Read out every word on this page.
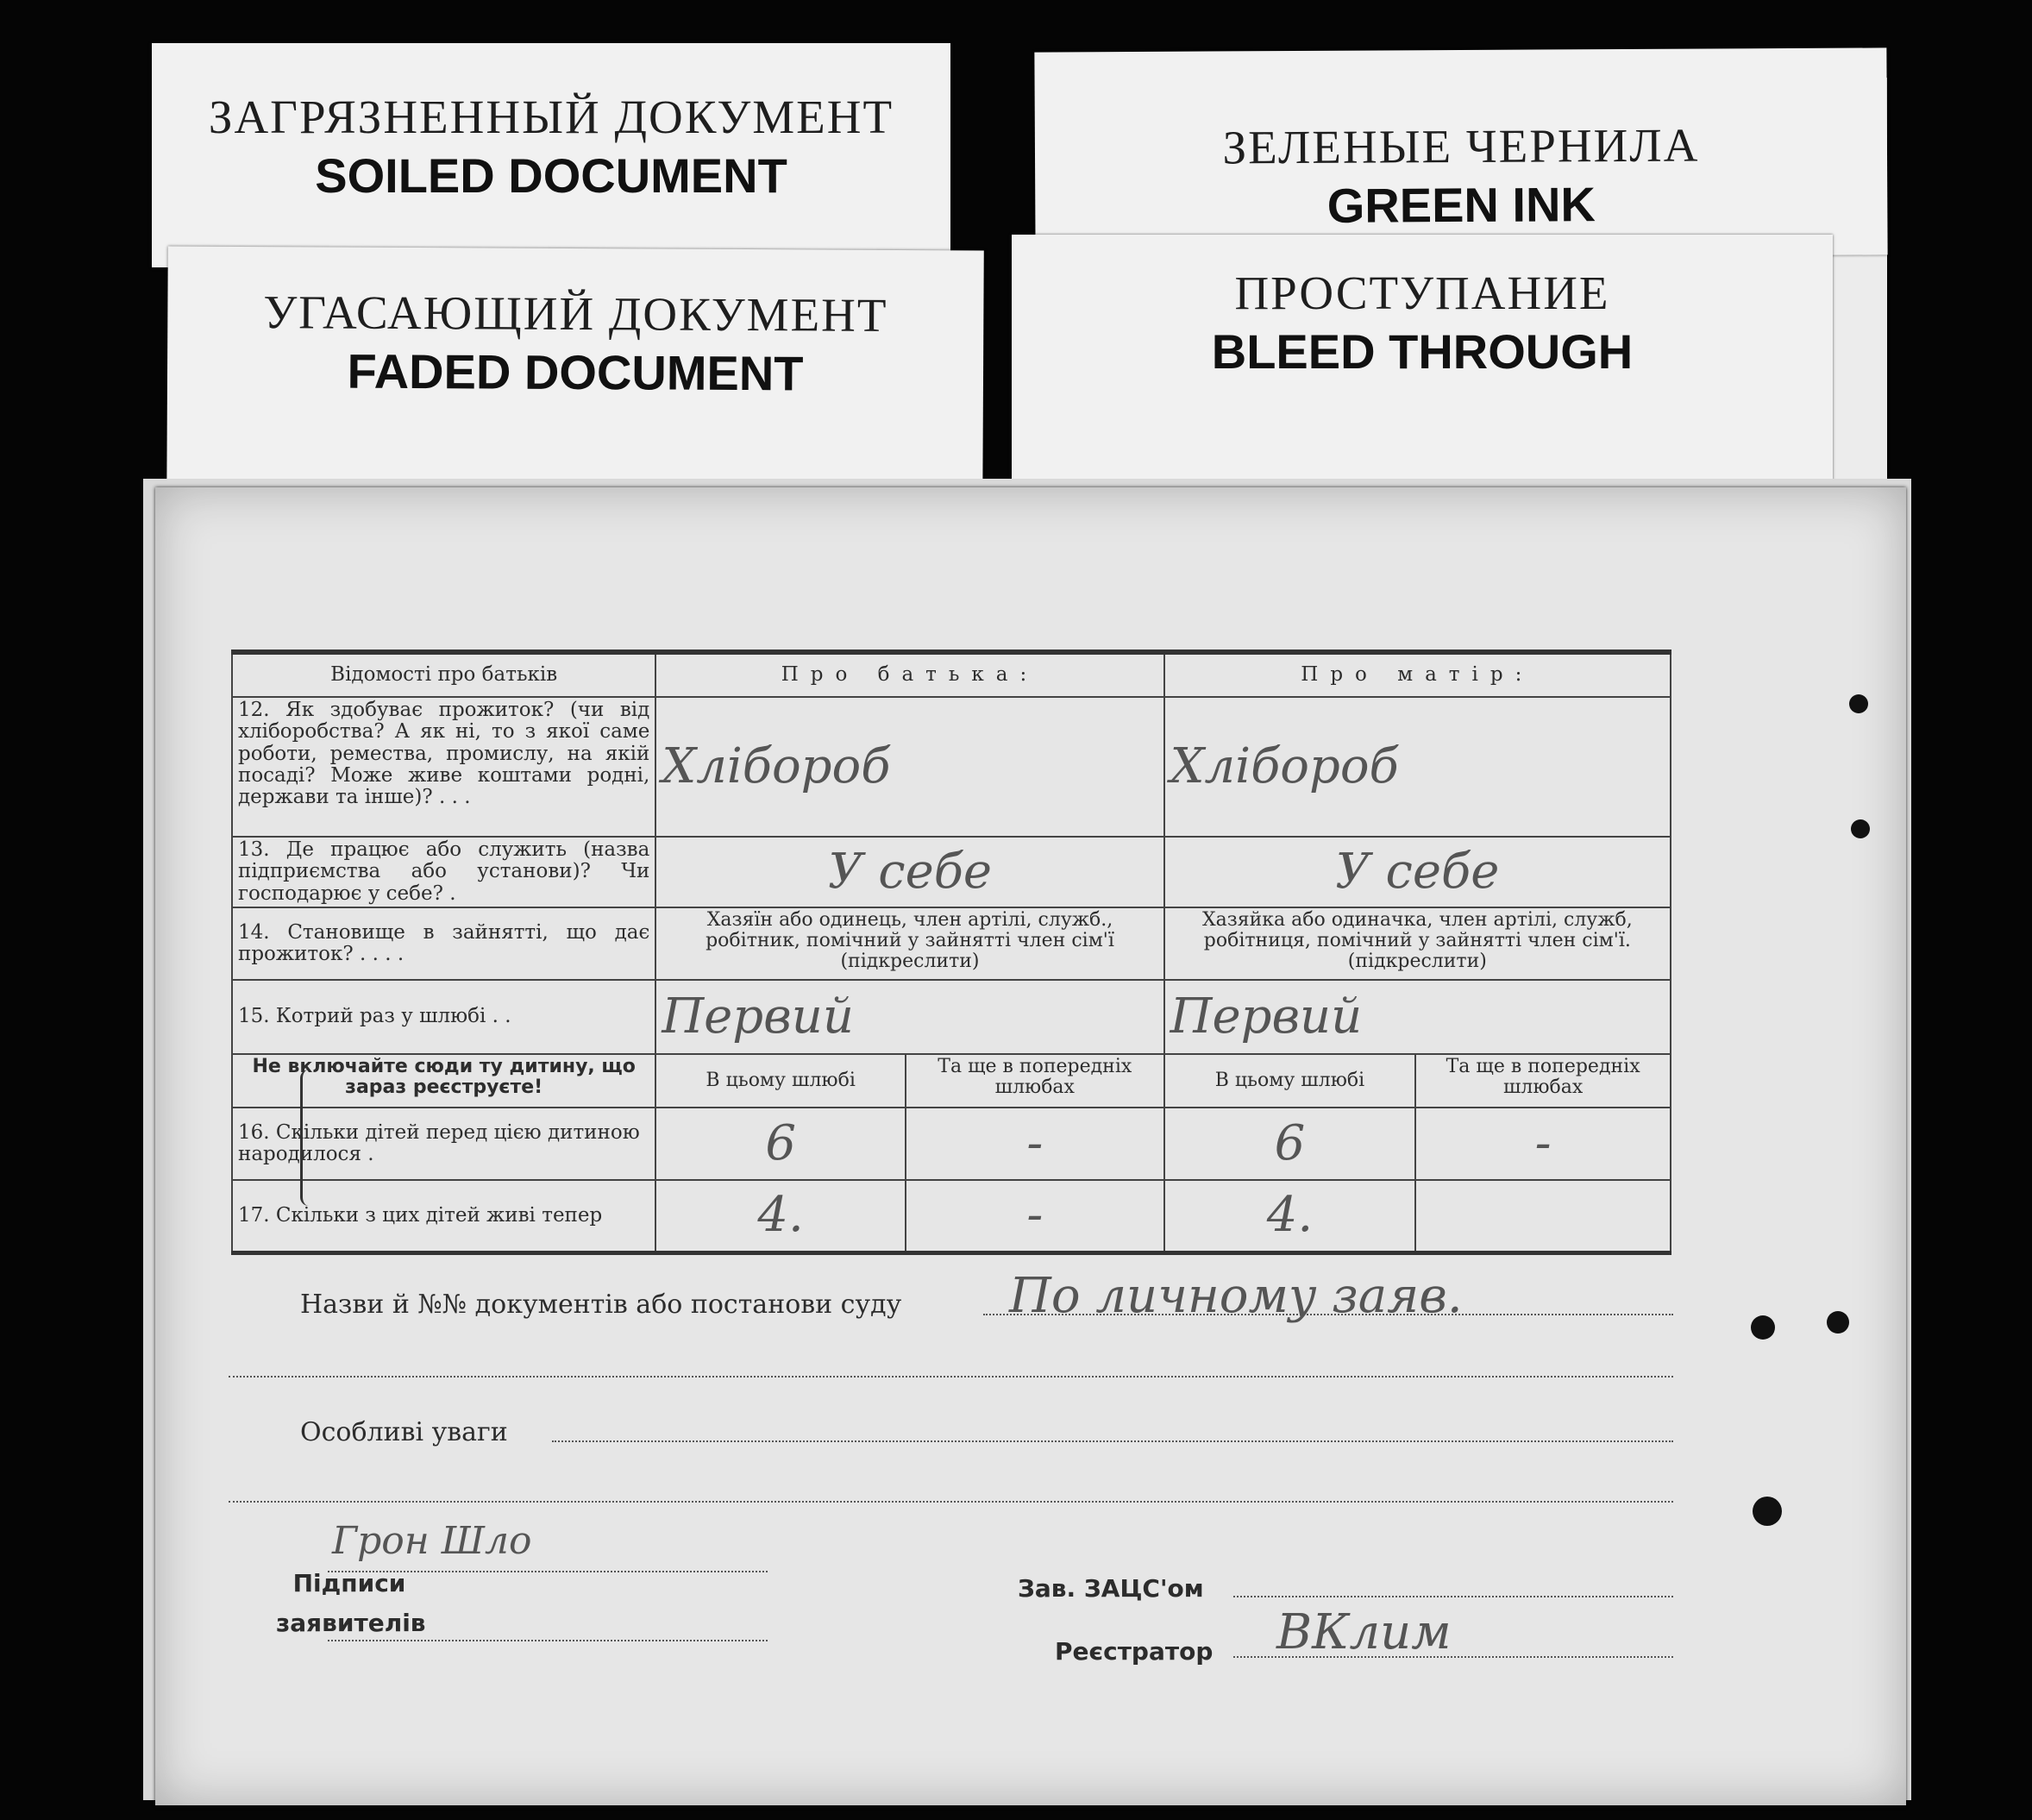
ЗАГРЯЗНЕННЫЙ ДОКУМЕНТ
SOILED DOCUMENT
ЗЕЛЕНЫЕ ЧЕРНИЛА
GREEN INK
УГАСАЮЩИЙ ДОКУМЕНТ
FADED DOCUMENT
ПРОСТУПАНИЕ
BLEED THROUGH
Відомості про батьків	Про батька:		Про матір:	
12. Як здобуває прожиток? (чи від хліборобства? А як ні, то з якої саме роботи, ремества, промислу, на якій посаді? Може живе коштами родні, держави та інше)? . . .	Хлібороб		Хлібороб	
13. Де працює або служить (назва підприємства або установи)? Чи господарює у себе? .	У себе		У себе	
14. Становище в зайнятті, що дає прожиток? . . . .	Хазяїн або одинець, член артілі, служб., робітник, помічний у зайнятті член сім'ї (підкреслити)		Хазяйка або одиначка, член артілі, служб, робітниця, помічний у зайнятті член сім'ї. (підкреслити)	
15. Котрий раз у шлюбі . .	Первий		Первий	
Не включайте сюди ту дитину, що зараз реєструєте!	В цьому шлюбі	Та ще в попередніх шлюбах	В цьому шлюбі	Та ще в попередніх шлюбах
16. Скільки дітей перед цією дитиною народилося .	6	-	6	-
17. Скільки з цих дітей живі тепер	4.	-	4.	
Назви й №№ документів або постанови суду По личному заяв.
Особливі уваги
Підписи заявителів
Грон Шло
Зав. ЗАЦС'ом
Реєстратор ВКлим
